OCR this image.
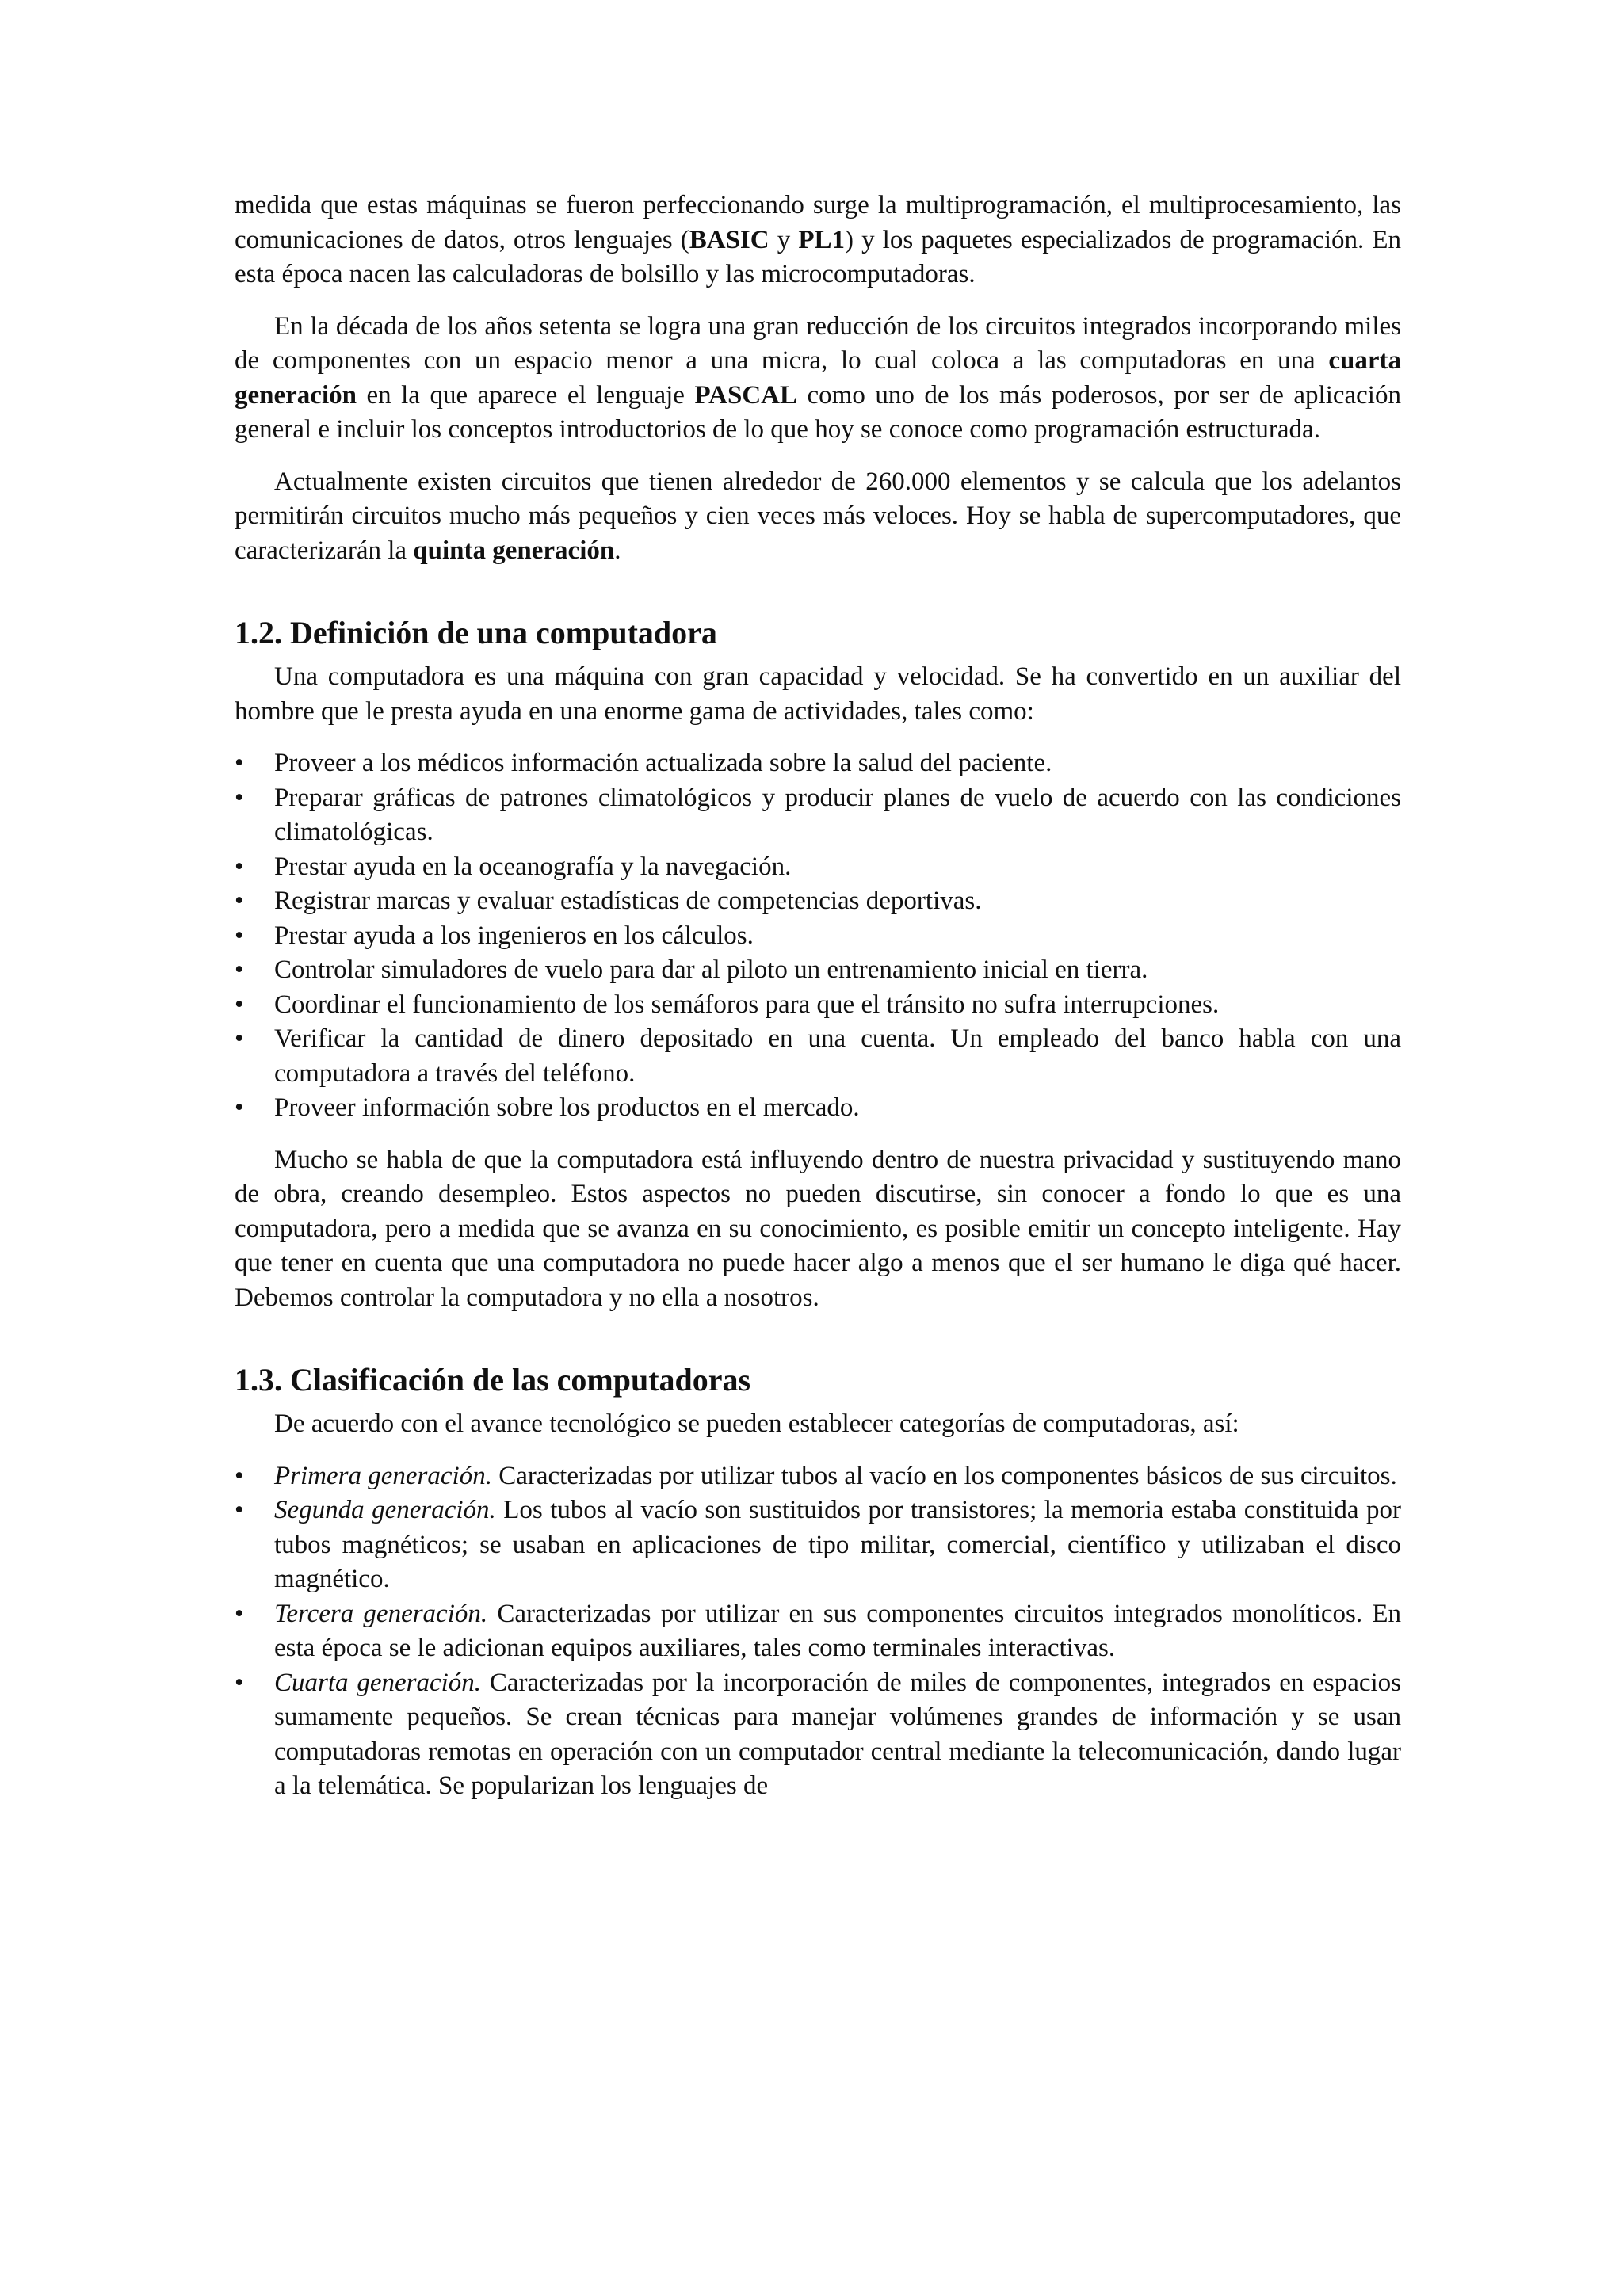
medida que estas máquinas se fueron perfeccionando surge la multiprogramación, el multiprocesamiento, las comunicaciones de datos, otros lenguajes (BASIC y PL1) y los paquetes especializados de programación. En esta época nacen las calculadoras de bolsillo y las microcomputadoras.

En la década de los años setenta se logra una gran reducción de los circuitos integrados incorporando miles de componentes con un espacio menor a una micra, lo cual coloca a las computadoras en una cuarta generación en la que aparece el lenguaje PASCAL como uno de los más poderosos, por ser de aplicación general e incluir los conceptos introductorios de lo que hoy se conoce como programación estructurada.

Actualmente existen circuitos que tienen alrededor de 260.000 elementos y se calcula que los adelantos permitirán circuitos mucho más pequeños y cien veces más veloces. Hoy se habla de supercomputadores, que caracterizarán la quinta generación.

1.2. Definición de una computadora

Una computadora es una máquina con gran capacidad y velocidad. Se ha convertido en un auxiliar del hombre que le presta ayuda en una enorme gama de actividades, tales como:

• Proveer a los médicos información actualizada sobre la salud del paciente.
• Preparar gráficas de patrones climatológicos y producir planes de vuelo de acuerdo con las condiciones climatológicas.
• Prestar ayuda en la oceanografía y la navegación.
• Registrar marcas y evaluar estadísticas de competencias deportivas.
• Prestar ayuda a los ingenieros en los cálculos.
• Controlar simuladores de vuelo para dar al piloto un entrenamiento inicial en tierra.
• Coordinar el funcionamiento de los semáforos para que el tránsito no sufra interrupciones.
• Verificar la cantidad de dinero depositado en una cuenta. Un empleado del banco habla con una computadora a través del teléfono.
• Proveer información sobre los productos en el mercado.

Mucho se habla de que la computadora está influyendo dentro de nuestra privacidad y sustituyendo mano de obra, creando desempleo. Estos aspectos no pueden discutirse, sin conocer a fondo lo que es una computadora, pero a medida que se avanza en su conocimiento, es posible emitir un concepto inteligente. Hay que tener en cuenta que una computadora no puede hacer algo a menos que el ser humano le diga qué hacer. Debemos controlar la computadora y no ella a nosotros.

1.3. Clasificación de las computadoras

De acuerdo con el avance tecnológico se pueden establecer categorías de computadoras, así:

• Primera generación. Caracterizadas por utilizar tubos al vacío en los componentes básicos de sus circuitos.
• Segunda generación. Los tubos al vacío son sustituidos por transistores; la memoria estaba constituida por tubos magnéticos; se usaban en aplicaciones de tipo militar, comercial, científico y utilizaban el disco magnético.
• Tercera generación. Caracterizadas por utilizar en sus componentes circuitos integrados monolíticos. En esta época se le adicionan equipos auxiliares, tales como terminales interactivas.
• Cuarta generación. Caracterizadas por la incorporación de miles de componentes, integrados en espacios sumamente pequeños. Se crean técnicas para manejar volúmenes grandes de información y se usan computadoras remotas en operación con un computador central mediante la telecomunicación, dando lugar a la telemática. Se popularizan los lenguajes de
